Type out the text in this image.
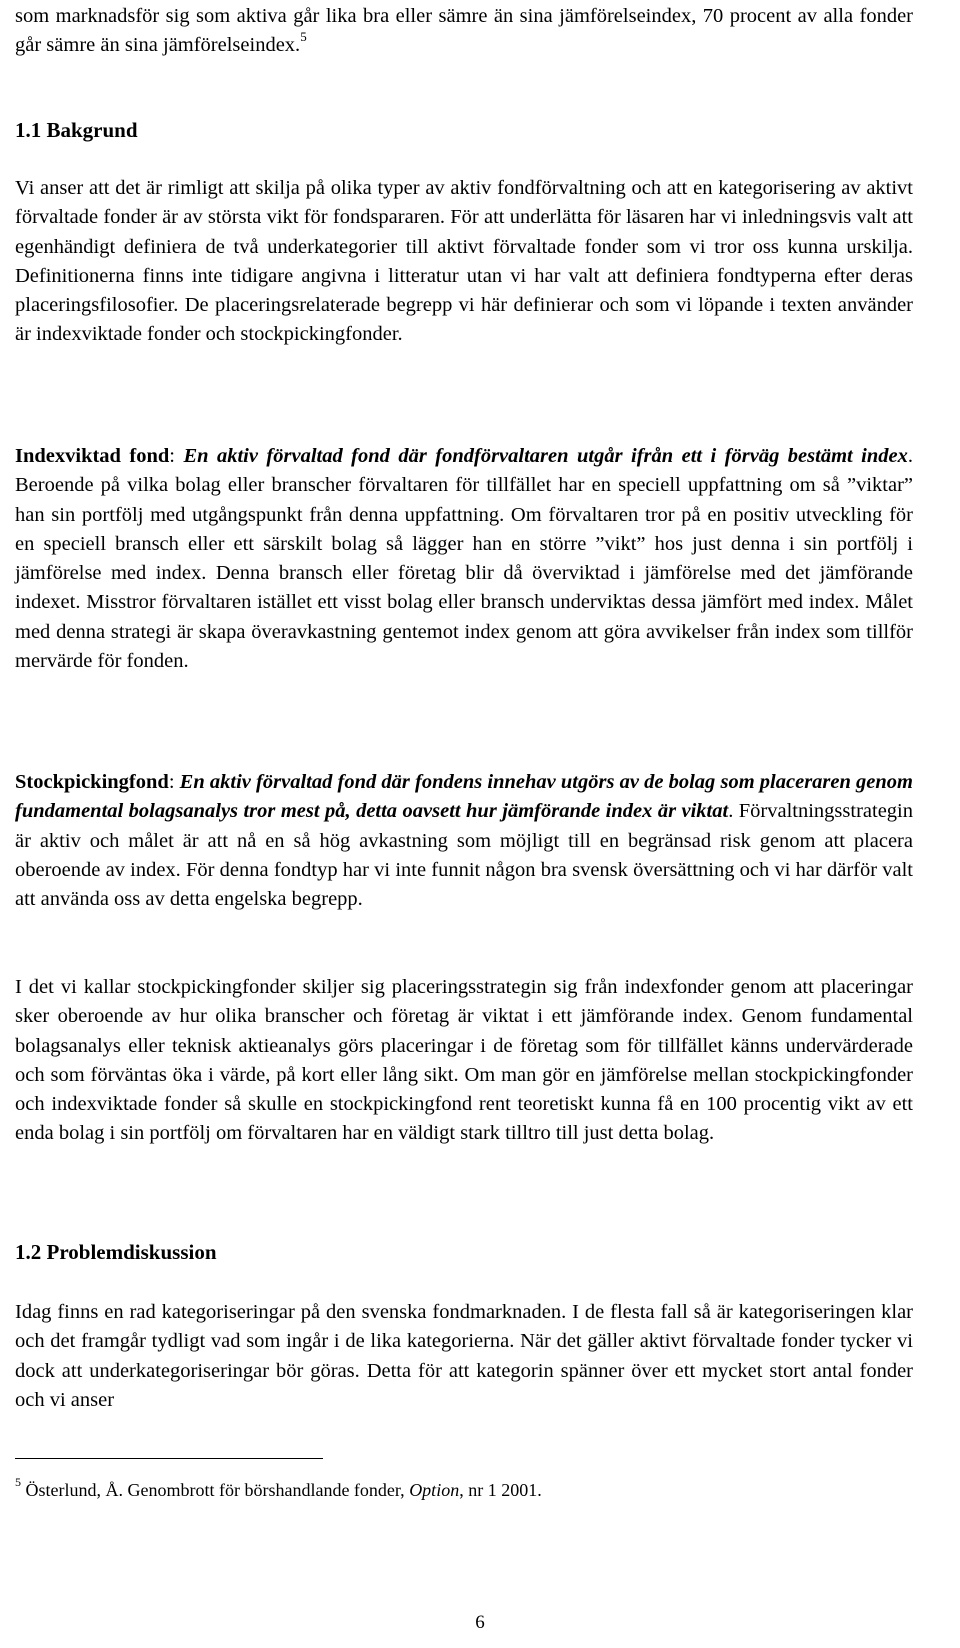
som marknadsför sig som aktiva går lika bra eller sämre än sina jämförelseindex, 70 procent av alla fonder går sämre än sina jämförelseindex.$^5$

1.1 Bakgrund

Vi anser att det är rimligt att skilja på olika typer av aktiv fondförvaltning och att en kategorisering av aktivt förvaltade fonder är av största vikt för fondspararen. För att underlätta för läsaren har vi inledningsvis valt att egenhändigt definiera de två underkategorier till aktivt förvaltade fonder som vi tror oss kunna urskilja. Definitionerna finns inte tidigare angivna i litteratur utan vi har valt att definiera fondtyperna efter deras placeringsfilosofier. De placeringsrelaterade begrepp vi här definierar och som vi löpande i texten använder är indexviktade fonder och stockpickingfonder.

Indexviktad fond: En aktiv förvaltad fond där fondförvaltaren utgår ifrån ett i förväg bestämt index. Beroende på vilka bolag eller branscher förvaltaren för tillfället har en speciell uppfattning om så ”viktar” han sin portfölj med utgångspunkt från denna uppfattning. Om förvaltaren tror på en positiv utveckling för en speciell bransch eller ett särskilt bolag så lägger han en större ”vikt” hos just denna i sin portfölj i jämförelse med index. Denna bransch eller företag blir då överviktad i jämförelse med det jämförande indexet. Misstror förvaltaren istället ett visst bolag eller bransch underviktas dessa jämfört med index. Målet med denna strategi är skapa överavkastning gentemot index genom att göra avvikelser från index som tillför mervärde för fonden.

Stockpickingfond: En aktiv förvaltad fond där fondens innehav utgörs av de bolag som placeraren genom fundamental bolagsanalys tror mest på, detta oavsett hur jämförande index är viktat. Förvaltningsstrategin är aktiv och målet är att nå en så hög avkastning som möjligt till en begränsad risk genom att placera oberoende av index. För denna fondtyp har vi inte funnit någon bra svensk översättning och vi har därför valt att använda oss av detta engelska begrepp.

I det vi kallar stockpickingfonder skiljer sig placeringsstrategin sig från indexfonder genom att placeringar sker oberoende av hur olika branscher och företag är viktat i ett jämförande index. Genom fundamental bolagsanalys eller teknisk aktieanalys görs placeringar i de företag som för tillfället känns undervärderade och som förväntas öka i värde, på kort eller lång sikt. Om man gör en jämförelse mellan stockpickingfonder och indexviktade fonder så skulle en stockpickingfond rent teoretiskt kunna få en 100 procentig vikt av ett enda bolag i sin portfölj om förvaltaren har en väldigt stark tilltro till just detta bolag.

1.2 Problemdiskussion

Idag finns en rad kategoriseringar på den svenska fondmarknaden. I de flesta fall så är kategoriseringen klar och det framgår tydligt vad som ingår i de lika kategorierna. När det gäller aktivt förvaltade fonder tycker vi dock att underkategoriseringar bör göras. Detta för att kategorin spänner över ett mycket stort antal fonder och vi anser

$^5$ Österlund, Å. Genombrott för börshandlande fonder, Option, nr 1 2001.
6
